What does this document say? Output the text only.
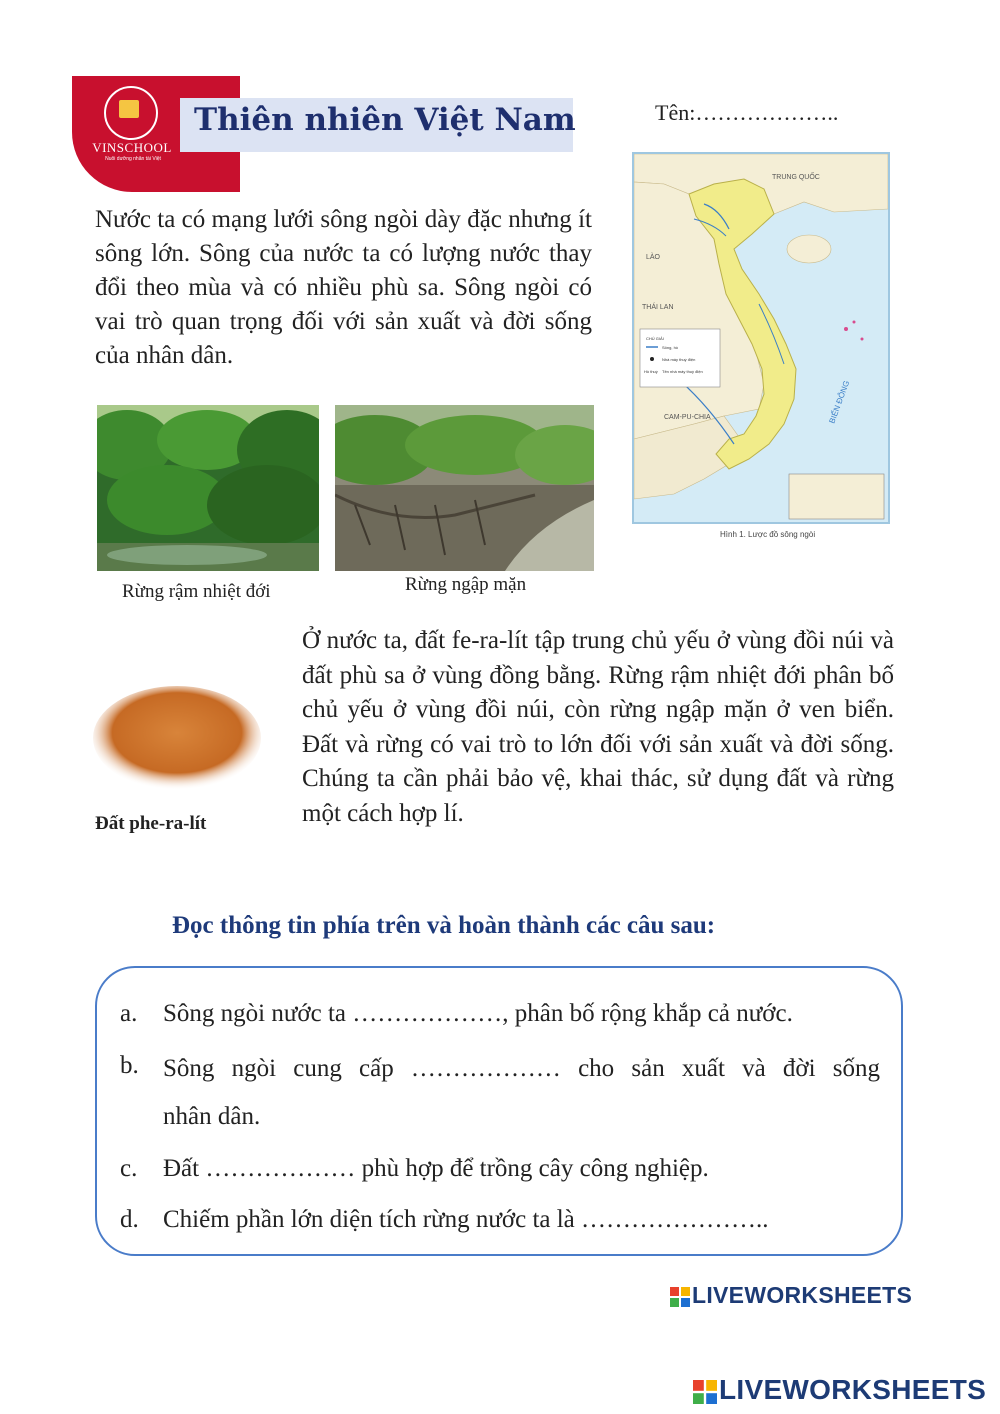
VINSCHOOL
Nuôi dưỡng nhân tài Việt
Thiên nhiên Việt Nam	Tên:………………..
Nước ta có mạng lưới sông ngòi dày đặc nhưng ít sông lớn. Sông của nước ta có lượng nước thay đổi theo mùa và có nhiều phù sa. Sông ngòi có vai trò quan trọng đối với sản xuất và đời sống của nhân dân.
TRUNG QUỐC
LÀO
THÁI LAN
CAM-PU-CHIA	BIỂN ĐÔNG
CHÚ GIẢI
Sông, hồ
Nhà máy thuỷ điện
Hồ thuỷ Tên nhà máy thuỷ điện
Hình 1. Lược đồ sông ngòi
Rừng rậm nhiệt đới	Rừng ngập mặn
Đất phe-ra-lít
Ở nước ta, đất fe-ra-lít tập trung chủ yếu ở vùng đồi núi và đất phù sa ở vùng đồng bằng. Rừng rậm nhiệt đới phân bố chủ yếu ở vùng đồi núi, còn rừng ngập mặn ở ven biển. Đất và rừng có vai trò to lớn đối với sản xuất và đời sống. Chúng ta cần phải bảo vệ, khai thác, sử dụng đất và rừng một cách hợp lí.
Đọc thông tin phía trên và hoàn thành các câu sau:
a. Sông ngòi nước ta ………………, phân bố rộng khắp cả nước.
b. Sông ngòi cung cấp ……………… cho sản xuất và đời sống
nhân dân.
c. Đất ……………… phù hợp để trồng cây công nghiệp.
d. Chiếm phần lớn diện tích rừng nước ta là …………………..
LIVEWORKSHEETS
LIVEWORKSHEETS
